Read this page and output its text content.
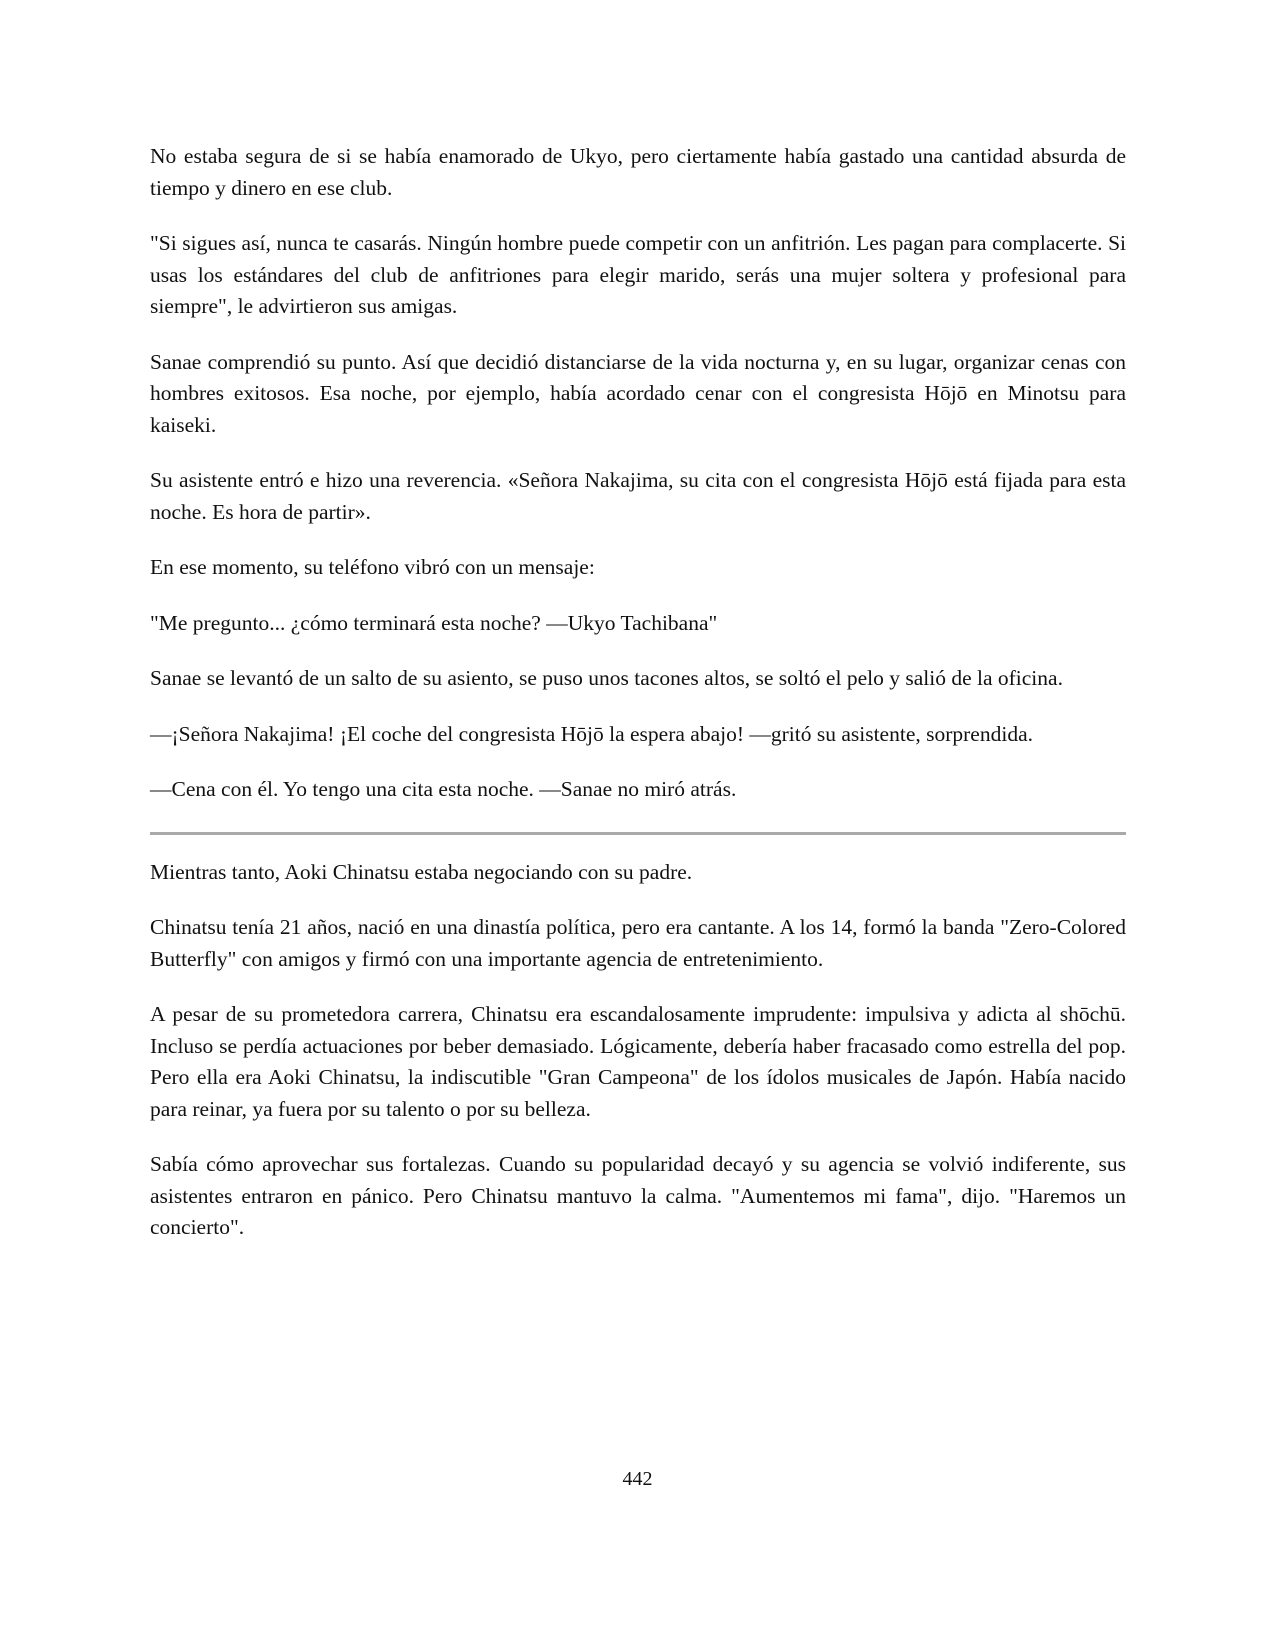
No estaba segura de si se había enamorado de Ukyo, pero ciertamente había gastado una cantidad absurda de tiempo y dinero en ese club.

"Si sigues así, nunca te casarás. Ningún hombre puede competir con un anfitrión. Les pagan para complacerte. Si usas los estándares del club de anfitriones para elegir marido, serás una mujer soltera y profesional para siempre", le advirtieron sus amigas.

Sanae comprendió su punto. Así que decidió distanciarse de la vida nocturna y, en su lugar, organizar cenas con hombres exitosos. Esa noche, por ejemplo, había acordado cenar con el congresista Hōjō en Minotsu para kaiseki.

Su asistente entró e hizo una reverencia. «Señora Nakajima, su cita con el congresista Hōjō está fijada para esta noche. Es hora de partir».

En ese momento, su teléfono vibró con un mensaje:

"Me pregunto... ¿cómo terminará esta noche? —Ukyo Tachibana"

Sanae se levantó de un salto de su asiento, se puso unos tacones altos, se soltó el pelo y salió de la oficina.

—¡Señora Nakajima! ¡El coche del congresista Hōjō la espera abajo! —gritó su asistente, sorprendida.

—Cena con él. Yo tengo una cita esta noche. —Sanae no miró atrás.

Mientras tanto, Aoki Chinatsu estaba negociando con su padre.

Chinatsu tenía 21 años, nació en una dinastía política, pero era cantante. A los 14, formó la banda "Zero-Colored Butterfly" con amigos y firmó con una importante agencia de entretenimiento.

A pesar de su prometedora carrera, Chinatsu era escandalosamente imprudente: impulsiva y adicta al shōchū. Incluso se perdía actuaciones por beber demasiado. Lógicamente, debería haber fracasado como estrella del pop. Pero ella era Aoki Chinatsu, la indiscutible "Gran Campeona" de los ídolos musicales de Japón. Había nacido para reinar, ya fuera por su talento o por su belleza.

Sabía cómo aprovechar sus fortalezas. Cuando su popularidad decayó y su agencia se volvió indiferente, sus asistentes entraron en pánico. Pero Chinatsu mantuvo la calma. "Aumentemos mi fama", dijo. "Haremos un concierto".

442
